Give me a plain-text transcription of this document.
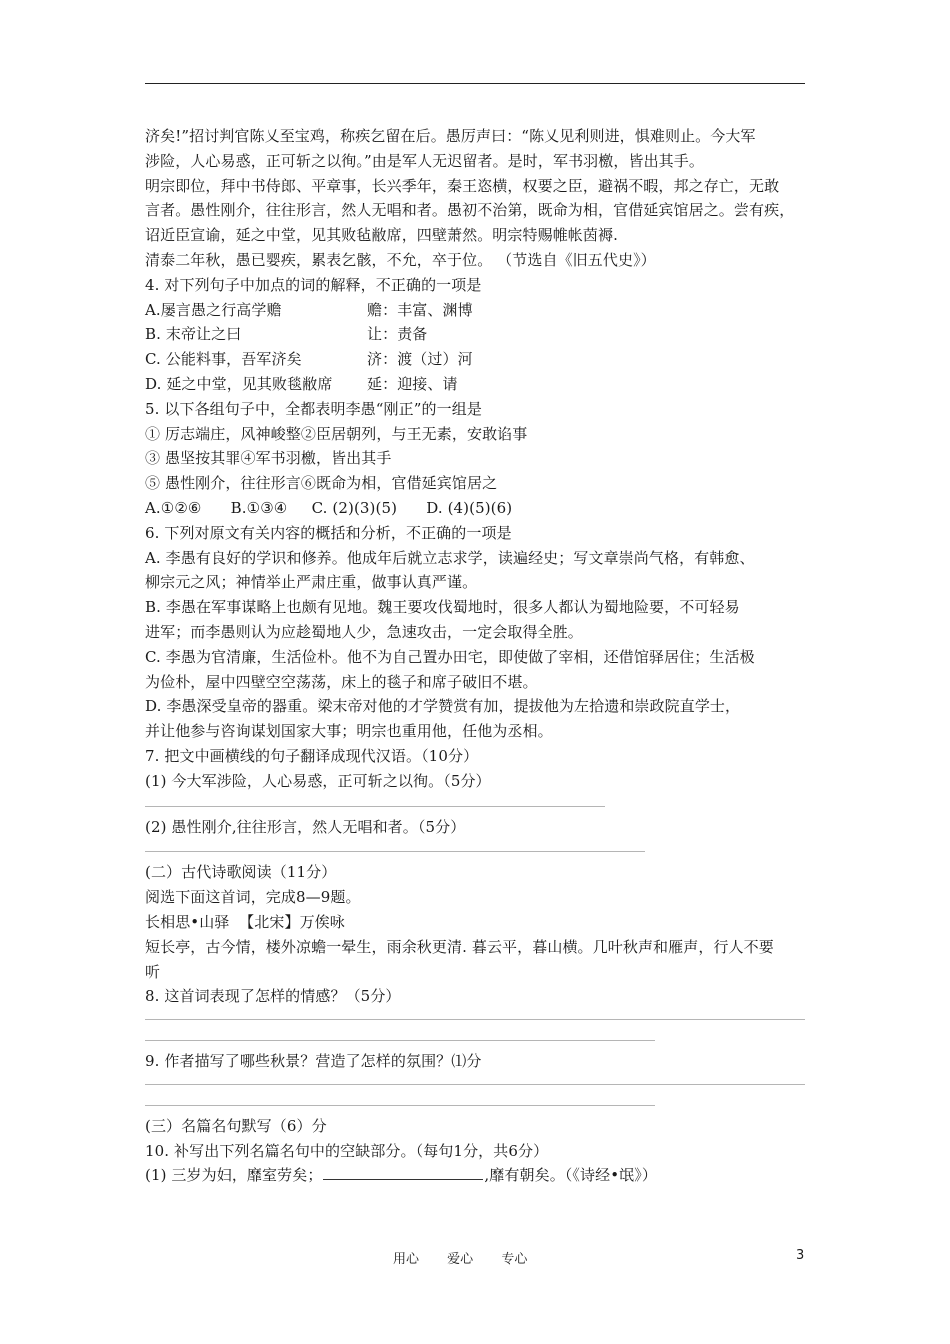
济矣!”招讨判官陈乂至宝鸡，称疾乞留在后。愚厉声曰：“陈乂见利则进，惧难则止。今大军
涉险，人心易惑，正可斩之以徇。”由是军人无迟留者。是时，军书羽檄，皆出其手。
明宗即位，拜中书侍郎、平章事，长兴季年，秦王恣横，权要之臣，避祸不暇，邦之存亡，无敢
言者。愚性刚介，往往形言，然人无唱和者。愚初不治第，既命为相，官借延宾馆居之。尝有疾，
诏近臣宣谕，延之中堂，见其败毡敝席，四壁萧然。明宗特赐帷帐茵褥.
清泰二年秋，愚已婴疾，累表乞骸，不允，卒于位。 （节选自《旧五代史》）
4. 对下列句子中加点的词的解释，不正确的一项是
A.屡言愚之行高学赡	赡：丰富、渊博
B. 末帝让之曰	让：责备
C. 公能料事，吾军济矣	济：渡（过）河
D. 延之中堂，见其败毯敝席 延：迎接、请
5. 以下各组句子中，全都表明李愚“刚正”的一组是
① 厉志端庄，风神峻整②臣居朝列，与王无素，安敢谄事
③ 愚坚按其罪④军书羽檄，皆出其手
⑤ 愚性刚介，往往形言⑥既命为相，官借延宾馆居之
A.①②⑥      B.①③④     C. (2)(3)(5)      D. (4)(5)(6)
6. 下列对原文有关内容的概括和分析，不正确的一项是
A. 李愚有良好的学识和修养。他成年后就立志求学，读遍经史；写文章崇尚气格，有韩愈、
柳宗元之风；神情举止严肃庄重，做事认真严谨。
B. 李愚在军事谋略上也颇有见地。魏王要攻伐蜀地时，很多人都认为蜀地险要，不可轻易
进军；而李愚则认为应趁蜀地人少，急速攻击，一定会取得全胜。
C. 李愚为官清廉，生活俭朴。他不为自己置办田宅，即使做了宰相，还借馆驿居住；生活极
为俭朴，屋中四壁空空荡荡，床上的毯子和席子破旧不堪。
D. 李愚深受皇帝的器重。梁末帝对他的才学赞赏有加，提拔他为左拾遗和崇政院直学士，
并让他参与咨询谋划国家大事；明宗也重用他，任他为丞相。
7. 把文中画横线的句子翻译成现代汉语。（10分）
(1) 今大军涉险，人心易惑，正可斩之以徇。（5分）
(2) 愚性刚介,往往形言，然人无唱和者。（5分）
(二）古代诗歌阅读（11分）
阅选下面这首词，完成8—9题。
长相思•山驿  【北宋】万俟咏
短长亭，古今情，楼外凉蟾一晕生，雨余秋更清. 暮云平，暮山横。几叶秋声和雁声，行人不要
听
8. 这首词表现了怎样的情感？（5分）
9. 作者描写了哪些秋景？营造了怎样的氛围？⑴分
(三）名篇名句默写（6）分
10. 补写出下列名篇名句中的空缺部分。（每句1分，共6分）
(1) 三岁为妇，靡室劳矣；	,靡有朝矣。（《诗经•氓》）
用心 爱心 专心	3
